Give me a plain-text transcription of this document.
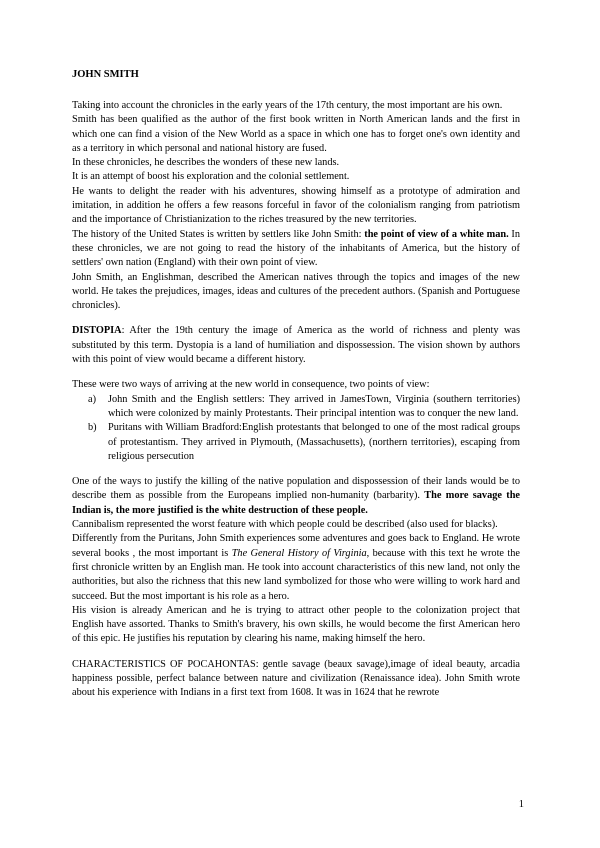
JOHN SMITH

Taking into account the chronicles in the early years of the 17th century, the most important are his own.

Smith has been qualified as the author of the first book written in North American lands and the first in which one can find a vision of the New World as a space in which one has to forget one's own identity and as a territory in which personal and national history are fused.

In these chronicles, he describes the wonders of these new lands.

It is an attempt of boost his exploration and the colonial settlement.

He wants to delight the reader with his adventures, showing himself as a prototype of admiration and imitation, in addition he offers a few reasons forceful in favor of the colonialism ranging from patriotism and the importance of Christianization to the riches treasured by the new territories.

The history of the United States is written by settlers like John Smith: the point of view of a white man. In these chronicles, we are not going to read the history of the inhabitants of America, but the history of settlers' own nation (England) with their own point of view.

John Smith, an Englishman, described the American natives through the topics and images of the new world. He takes the prejudices, images, ideas and cultures of the precedent authors. (Spanish and Portuguese chronicles).

DISTOPIA: After the 19th century the image of America as the world of richness and plenty was substituted by this term. Dystopia is a land of humiliation and dispossession. The vision shown by authors with this point of view would became a different history.

These were two ways of arriving at the new world in consequence, two points of view:

a) John Smith and the English settlers: They arrived in JamesTown, Virginia (southern territories) which were colonized by mainly Protestants. Their principal intention was to conquer the new land.
b) Puritans with William Bradford:English protestants that belonged to one of the most radical groups of protestantism. They arrived in Plymouth, (Massachusetts), (northern territories), escaping from religious persecution

One of the ways to justify the killing of the native population and dispossession of their lands would be to describe them as possible from the Europeans implied non-humanity (barbarity). The more savage the Indian is, the more justified is the white destruction of these people.

Cannibalism represented the worst feature with which people could be described (also used for blacks).

Differently from the Puritans, John Smith experiences some adventures and goes back to England. He wrote several books , the most important is The General History of Virginia, because with this text he wrote the first chronicle written by an English man. He took into account characteristics of this new land, not only the authorities, but also the richness that this new land symbolized for those who were willing to work hard and succeed. But the most important is his role as a hero.

His vision is already American and he is trying to attract other people to the colonization project that English have assorted. Thanks to Smith's bravery, his own skills, he would become the first American hero of this epic. He justifies his reputation by clearing his name, making himself the hero.

CHARACTERISTICS OF POCAHONTAS: gentle savage (beaux savage),image of ideal beauty, arcadia happiness possible, perfect balance between nature and civilization (Renaissance idea). John Smith wrote about his experience with Indians in a first text from 1608. It was in 1624 that he rewrote

1
